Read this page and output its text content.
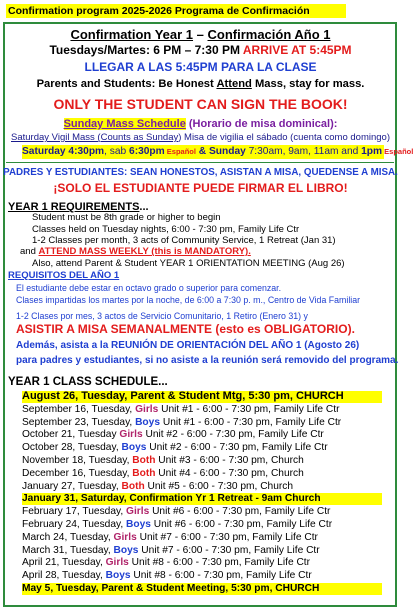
Confirmation program 2025-2026 Programa de Confirmación
Confirmation Year 1 – Confirmación Año 1
Tuesdays/Martes: 6 PM – 7:30 PM ARRIVE AT 5:45PM
LLEGAR A LAS 5:45PM PARA LA CLASE
Parents and Students: Be Honest Attend Mass, stay for mass.
ONLY THE STUDENT CAN SIGN THE BOOK!
Sunday Mass Schedule (Horario de misa dominical):
Saturday Vigil Mass (Counts as Sunday) Misa de vigilia el sábado (cuenta como domingo)
Saturday 4:30pm, sab 6:30pm Español & Sunday 7:30am, 9am, 11am and 1pm Español
PADRES Y ESTUDIANTES: SEAN HONESTOS, ASISTAN A MISA, QUEDENSE A MISA.
¡SOLO EL ESTUDIANTE PUEDE FIRMAR EL LIBRO!
YEAR 1 REQUIREMENTS...
Student must be 8th grade or higher to begin
Classes held on Tuesday nights, 6:00 - 7:30 pm, Family Life Ctr
1-2 Classes per month, 3 acts of Community Service, 1 Retreat (Jan 31)
and ATTEND MASS WEEKLY (this is MANDATORY).
Also, attend Parent & Student YEAR 1 ORIENTATION MEETING (Aug 26)
REQUISITOS DEL AÑO 1
El estudiante debe estar en octavo grado o superior para comenzar.
Clases impartidas los martes por la noche, de 6:00 a 7:30 p. m., Centro de Vida Familiar
1-2 Clases por mes, 3 actos de Servicio Comunitario, 1 Retiro (Enero 31) y
ASISTIR A MISA SEMANALMENTE (esto es OBLIGATORIO).
Además, asista a la REUNIÓN DE ORIENTACIÓN DEL AÑO 1 (Agosto 26)
para padres y estudiantes, si no asiste a la reunión será removido del programa.
YEAR 1 CLASS SCHEDULE...
August 26, Tuesday, Parent & Student Mtg, 5:30 pm, CHURCH
September 16, Tuesday, Girls Unit #1 - 6:00 - 7:30 pm, Family Life Ctr
September 23, Tuesday, Boys Unit #1 - 6:00 - 7:30 pm, Family Life Ctr
October 21, Tuesday Girls Unit #2 - 6:00 - 7:30 pm, Family Life Ctr
October 28, Tuesday, Boys Unit #2 - 6:00 - 7:30 pm, Family Life Ctr
November 18, Tuesday, Both Unit #3 - 6:00 - 7:30 pm, Church
December 16, Tuesday, Both Unit #4 - 6:00 - 7:30 pm, Church
January 27, Tuesday, Both Unit #5 - 6:00 - 7:30 pm, Church
January 31, Saturday, Confirmation Yr 1 Retreat - 9am Church
February 17, Tuesday, Girls Unit #6 - 6:00 - 7:30 pm, Family Life Ctr
February 24, Tuesday, Boys Unit #6 - 6:00 - 7:30 pm, Family Life Ctr
March 24, Tuesday, Girls Unit #7 - 6:00 - 7:30 pm, Family Life Ctr
March 31, Tuesday, Boys Unit #7 - 6:00 - 7:30 pm, Family Life Ctr
April 21, Tuesday, Girls Unit #8 - 6:00 - 7:30 pm, Family Life Ctr
April 28, Tuesday, Boys Unit #8 - 6:00 - 7:30 pm, Family Life Ctr
May 5, Tuesday, Parent & Student Meeting, 5:30 pm, CHURCH
